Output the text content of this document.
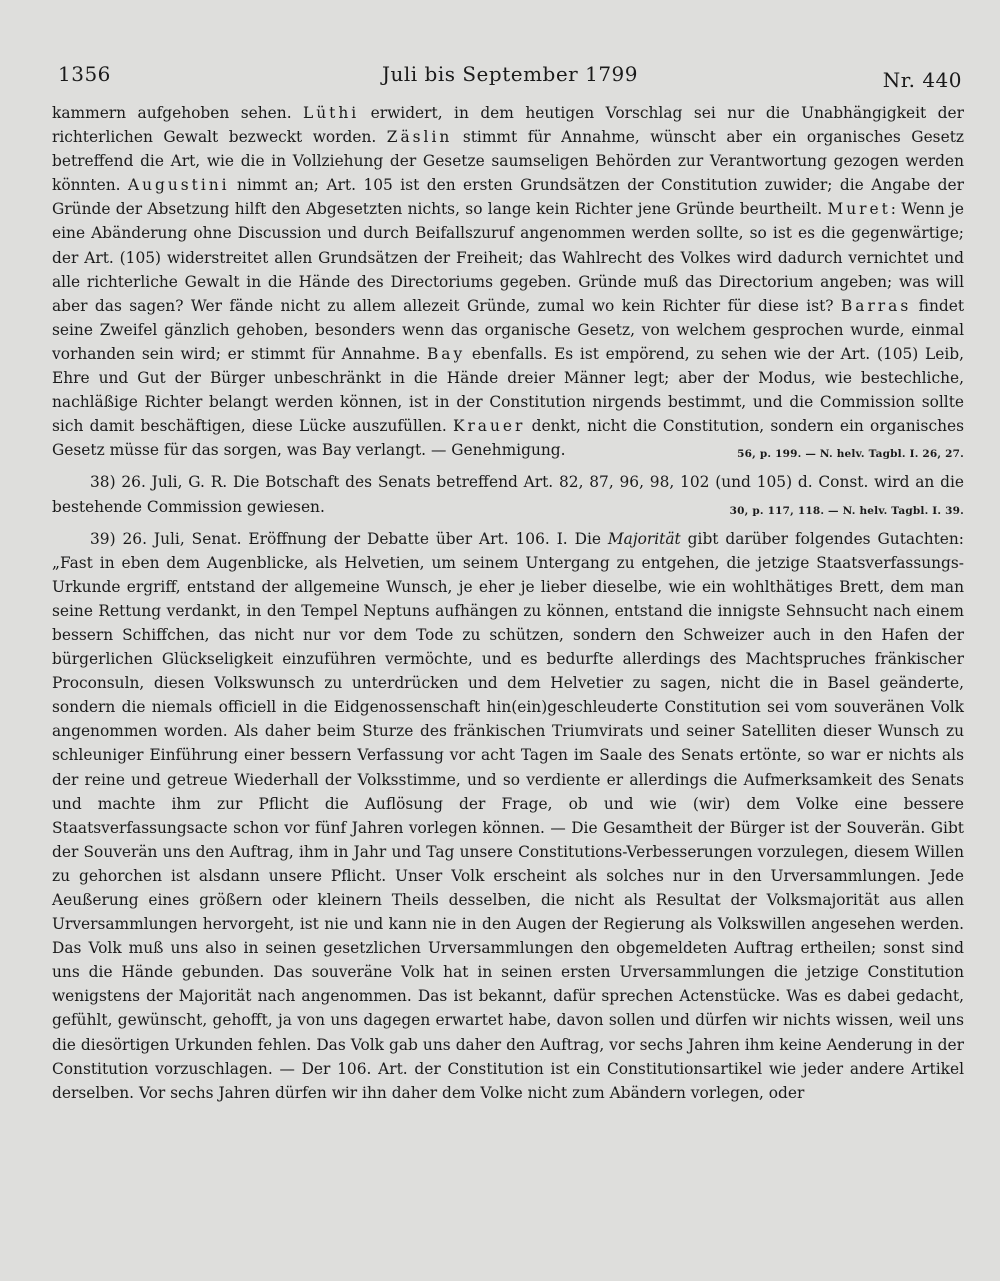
1356	Juli bis September 1799	Nr. 440

kammern aufgehoben sehen. Lüthi erwidert, in dem heutigen Vorschlag sei nur die Unabhängigkeit der richterlichen Gewalt bezweckt worden. Zäslin stimmt für Annahme, wünscht aber ein organisches Gesetz betreffend die Art, wie die in Vollziehung der Gesetze saumseligen Behörden zur Verantwortung gezogen werden könnten. Augustini nimmt an; Art. 105 ist den ersten Grundsätzen der Constitution zuwider; die Angabe der Gründe der Absetzung hilft den Abgesetzten nichts, so lange kein Richter jene Gründe beurtheilt. Muret: Wenn je eine Abänderung ohne Discussion und durch Beifallszuruf angenommen werden sollte, so ist es die gegenwärtige; der Art. (105) widerstreitet allen Grundsätzen der Freiheit; das Wahlrecht des Volkes wird dadurch vernichtet und alle richterliche Gewalt in die Hände des Directoriums gegeben. Gründe muß das Directorium angeben; was will aber das sagen? Wer fände nicht zu allem allezeit Gründe, zumal wo kein Richter für diese ist? Barras findet seine Zweifel gänzlich gehoben, besonders wenn das organische Gesetz, von welchem gesprochen wurde, einmal vorhanden sein wird; er stimmt für Annahme. Bay ebenfalls. Es ist empörend, zu sehen wie der Art. (105) Leib, Ehre und Gut der Bürger unbeschränkt in die Hände dreier Männer legt; aber der Modus, wie bestechliche, nachläßige Richter belangt werden können, ist in der Constitution nirgends bestimmt, und die Commission sollte sich damit beschäftigen, diese Lücke auszufüllen. Krauer denkt, nicht die Constitution, sondern ein organisches Gesetz müsse für das sorgen, was Bay verlangt. — Genehmigung.	56, p. 199. — N. helv. Tagbl. I. 26, 27.

38) 26. Juli, G. R. Die Botschaft des Senats betreffend Art. 82, 87, 96, 98, 102 (und 105) d. Const. wird an die bestehende Commission gewiesen.	30, p. 117, 118. — N. helv. Tagbl. I. 39.

39) 26. Juli, Senat. Eröffnung der Debatte über Art. 106. I. Die Majorität gibt darüber folgendes Gutachten: „Fast in eben dem Augenblicke, als Helvetien, um seinem Untergang zu entgehen, die jetzige Staatsverfassungs-Urkunde ergriff, entstand der allgemeine Wunsch, je eher je lieber dieselbe, wie ein wohlthätiges Brett, dem man seine Rettung verdankt, in den Tempel Neptuns aufhängen zu können, entstand die innigste Sehnsucht nach einem bessern Schiffchen, das nicht nur vor dem Tode zu schützen, sondern den Schweizer auch in den Hafen der bürgerlichen Glückseligkeit einzuführen vermöchte, und es bedurfte allerdings des Machtspruches fränkischer Proconsuln, diesen Volkswunsch zu unterdrücken und dem Helvetier zu sagen, nicht die in Basel geänderte, sondern die niemals officiell in die Eidgenossenschaft hin(ein)geschleuderte Constitution sei vom souveränen Volk angenommen worden. Als daher beim Sturze des fränkischen Triumvirats und seiner Satelliten dieser Wunsch zu schleuniger Einführung einer bessern Verfassung vor acht Tagen im Saale des Senats ertönte, so war er nichts als der reine und getreue Wiederhall der Volksstimme, und so verdiente er allerdings die Aufmerksamkeit des Senats und machte ihm zur Pflicht die Auflösung der Frage, ob und wie (wir) dem Volke eine bessere Staatsverfassungsacte schon vor fünf Jahren vorlegen können. — Die Gesamtheit der Bürger ist der Souverän. Gibt der Souverän uns den Auftrag, ihm in Jahr und Tag unsere Constitutions-Verbesserungen vorzulegen, diesem Willen zu gehorchen ist alsdann unsere Pflicht. Unser Volk erscheint als solches nur in den Urversammlungen. Jede Aeußerung eines größern oder kleinern Theils desselben, die nicht als Resultat der Volksmajorität aus allen Urversammlungen hervorgeht, ist nie und kann nie in den Augen der Regierung als Volkswillen angesehen werden. Das Volk muß uns also in seinen gesetzlichen Urversammlungen den obgemeldeten Auftrag ertheilen; sonst sind uns die Hände gebunden. Das souveräne Volk hat in seinen ersten Urversammlungen die jetzige Constitution wenigstens der Majorität nach angenommen. Das ist bekannt, dafür sprechen Actenstücke. Was es dabei gedacht, gefühlt, gewünscht, gehofft, ja von uns dagegen erwartet habe, davon sollen und dürfen wir nichts wissen, weil uns die diesörtigen Urkunden fehlen. Das Volk gab uns daher den Auftrag, vor sechs Jahren ihm keine Aenderung in der Constitution vorzuschlagen. — Der 106. Art. der Constitution ist ein Constitutionsartikel wie jeder andere Artikel derselben. Vor sechs Jahren dürfen wir ihn daher dem Volke nicht zum Abändern vorlegen, oder
